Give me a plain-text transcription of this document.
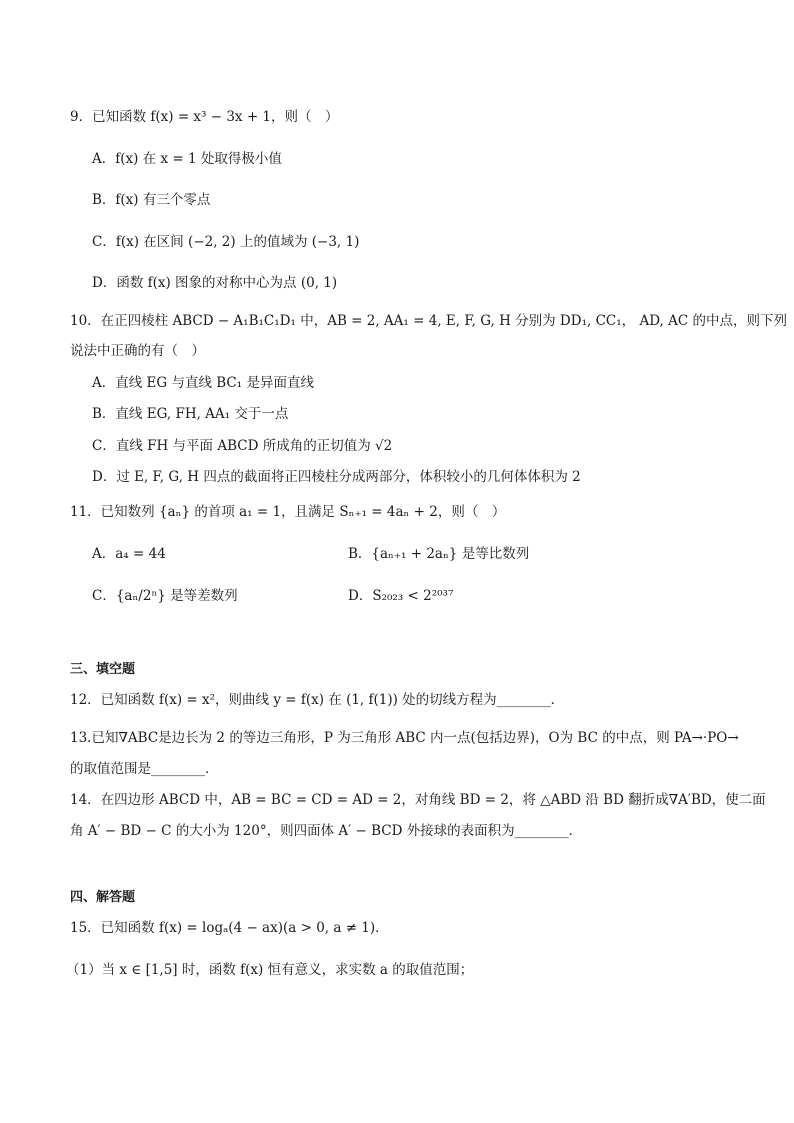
9．已知函数 f(x) = x³ − 3x + 1，则（　）
A．f(x) 在 x = 1 处取得极小值
B．f(x) 有三个零点
C．f(x) 在区间 (−2, 2) 上的值域为 (−3, 1)
D．函数 f(x) 图象的对称中心为点 (0, 1)
10．在正四棱柱 ABCD − A₁B₁C₁D₁ 中，AB = 2, AA₁ = 4, E, F, G, H 分别为 DD₁, CC₁， AD, AC 的中点，则下列
说法中正确的有（　）
A．直线 EG 与直线 BC₁ 是异面直线
B．直线 EG, FH, AA₁ 交于一点
C．直线 FH 与平面 ABCD 所成角的正切值为 √2
D．过 E, F, G, H 四点的截面将正四棱柱分成两部分，体积较小的几何体体积为 2
11．已知数列 {aₙ} 的首项 a₁ = 1，且满足 Sₙ₊₁ = 4aₙ + 2，则（　）
A．a₄ = 44	B．{aₙ₊₁ + 2aₙ} 是等比数列
C．{aₙ/2ⁿ} 是等差数列	D．S₂₀₂₃ < 2²⁰³⁷
三、填空题
12．已知函数 f(x) = x²，则曲线 y = f(x) 在 (1, f(1)) 处的切线方程为________．
13.已知∇ABC是边长为 2 的等边三角形，P 为三角形 ABC 内一点(包括边界)，O为 BC 的中点，则 PA→·PO→
的取值范围是________．
14．在四边形 ABCD 中，AB = BC = CD = AD = 2，对角线 BD = 2，将 △ABD 沿 BD 翻折成∇A′BD，使二面
角 A′ − BD − C 的大小为 120°，则四面体 A′ − BCD 外接球的表面积为________．
四、解答题
15．已知函数 f(x) = logₐ(4 − ax)(a > 0, a ≠ 1)．
（1）当 x ∈ [1,5] 时，函数 f(x) 恒有意义，求实数 a 的取值范围；
